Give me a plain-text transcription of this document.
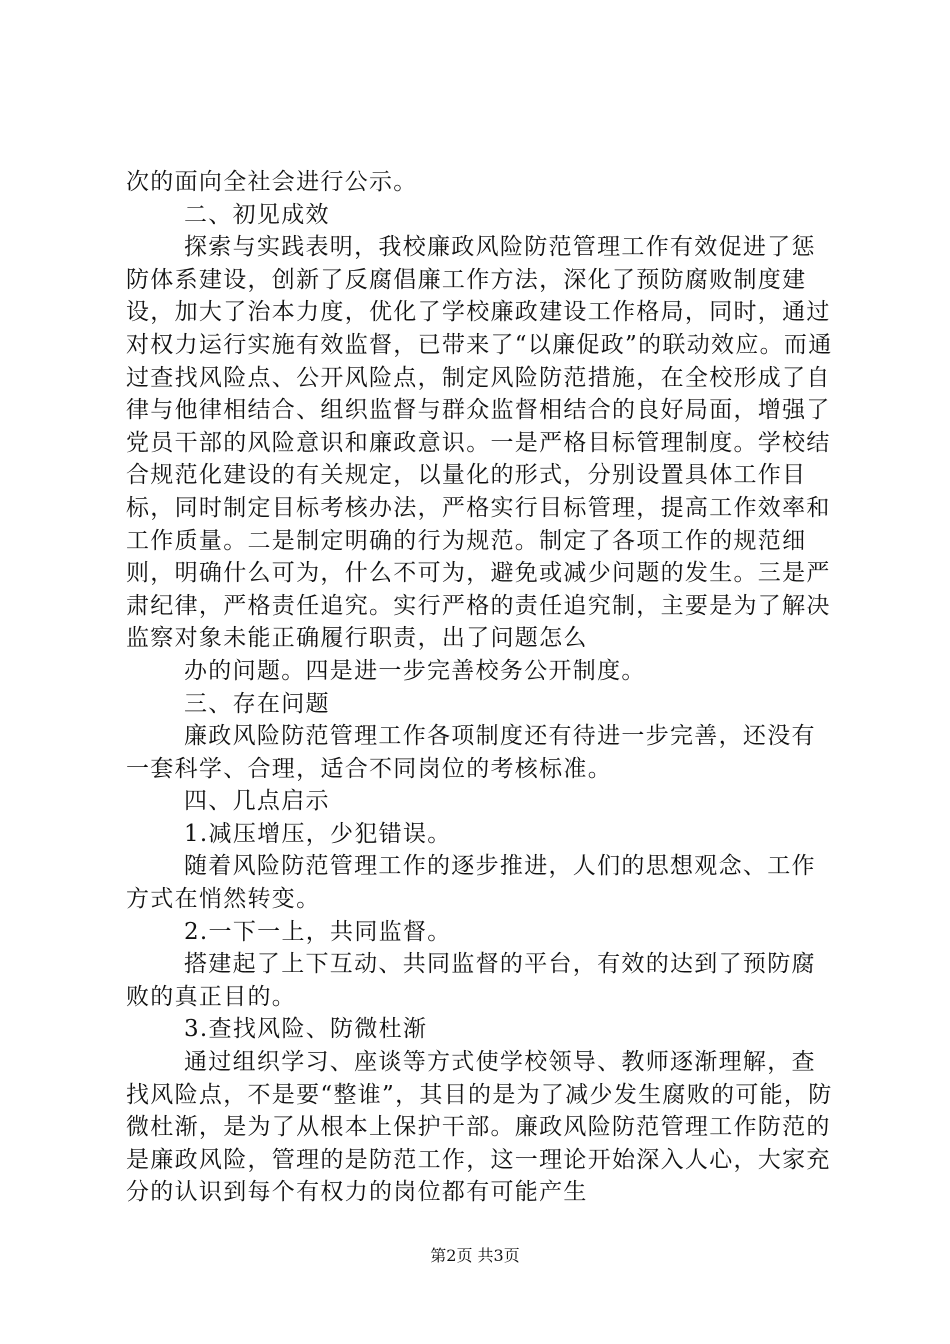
次的面向全社会进行公示。

二、初见成效

探索与实践表明，我校廉政风险防范管理工作有效促进了惩防体系建设，创新了反腐倡廉工作方法，深化了预防腐败制度建设，加大了治本力度，优化了学校廉政建设工作格局，同时，通过对权力运行实施有效监督，已带来了“以廉促政”的联动效应。而通过查找风险点、公开风险点，制定风险防范措施，在全校形成了自律与他律相结合、组织监督与群众监督相结合的良好局面，增强了党员干部的风险意识和廉政意识。一是严格目标管理制度。学校结合规范化建设的有关规定，以量化的形式，分别设置具体工作目标，同时制定目标考核办法，严格实行目标管理，提高工作效率和工作质量。二是制定明确的行为规范。制定了各项工作的规范细则，明确什么可为，什么不可为，避免或减少问题的发生。三是严肃纪律，严格责任追究。实行严格的责任追究制，主要是为了解决监察对象未能正确履行职责，出了问题怎么

办的问题。四是进一步完善校务公开制度。

三、存在问题

廉政风险防范管理工作各项制度还有待进一步完善，还没有一套科学、合理，适合不同岗位的考核标准。

四、几点启示

1.减压增压，少犯错误。

随着风险防范管理工作的逐步推进，人们的思想观念、工作方式在悄然转变。

2.一下一上，共同监督。

搭建起了上下互动、共同监督的平台，有效的达到了预防腐败的真正目的。

3.查找风险、防微杜渐

通过组织学习、座谈等方式使学校领导、教师逐渐理解，查找风险点，不是要“整谁”，其目的是为了减少发生腐败的可能，防微杜渐，是为了从根本上保护干部。廉政风险防范管理工作防范的是廉政风险，管理的是防范工作，这一理论开始深入人心，大家充分的认识到每个有权力的岗位都有可能产生

第2页 共3页
